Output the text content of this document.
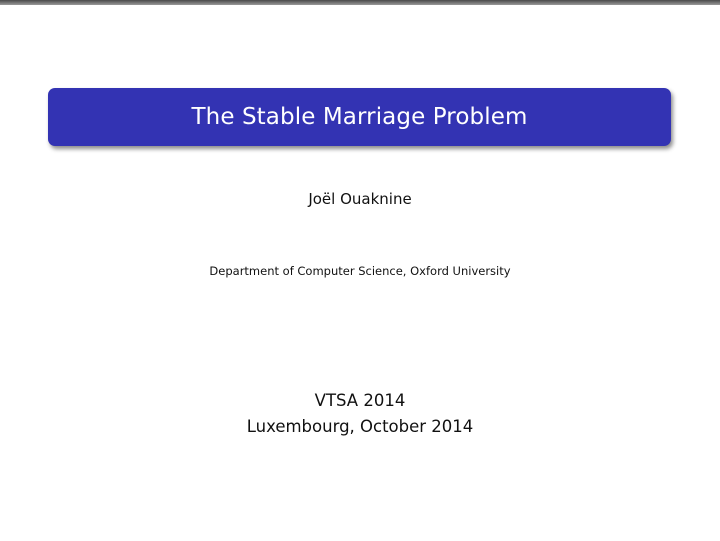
The Stable Marriage Problem
Joël Ouaknine
Department of Computer Science, Oxford University
VTSA 2014
Luxembourg, October 2014
